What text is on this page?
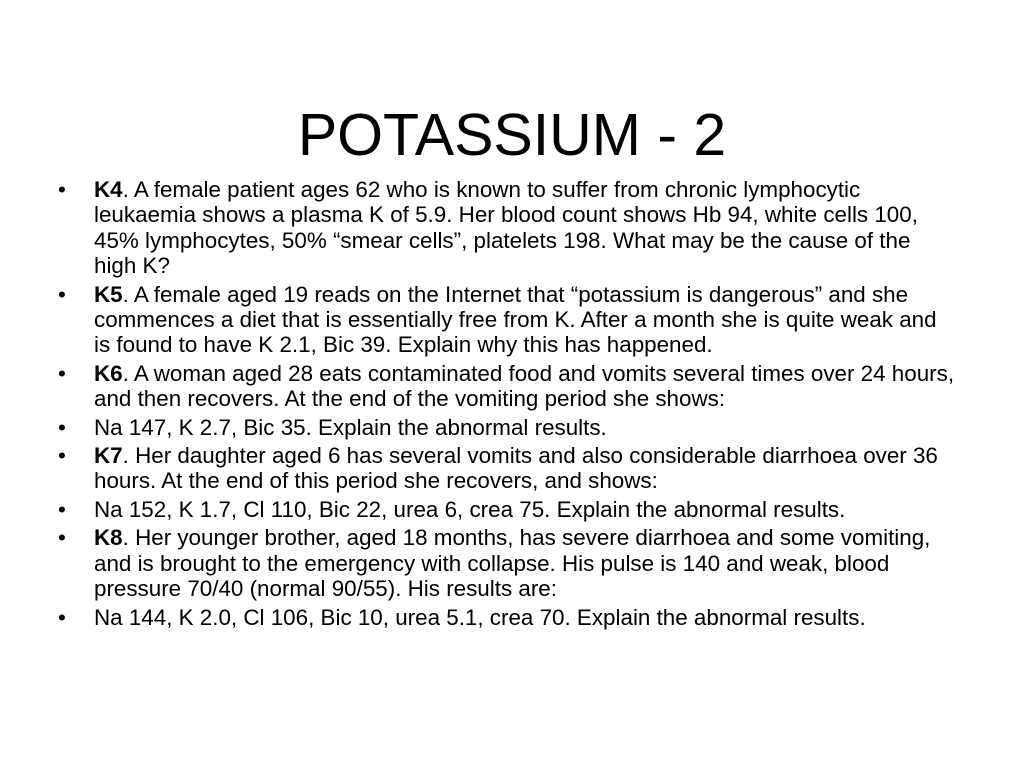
POTASSIUM - 2
• K4. A female patient ages 62 who is known to suffer from chronic lymphocytic leukaemia shows a plasma K of 5.9. Her blood count shows Hb 94, white cells 100, 45% lymphocytes, 50% “smear cells”, platelets 198. What may be the cause of the high K?
• K5. A female aged 19 reads on the Internet that “potassium is dangerous” and she commences a diet that is essentially free from K. After a month she is quite weak and is found to have K 2.1, Bic 39. Explain why this has happened.
• K6. A woman aged 28 eats contaminated food and vomits several times over 24 hours, and then recovers. At the end of the vomiting period she shows:
• Na 147, K 2.7, Bic 35. Explain the abnormal results.
• K7. Her daughter aged 6 has several vomits and also considerable diarrhoea over 36 hours. At the end of this period she recovers, and shows:
• Na 152, K 1.7, Cl 110, Bic 22, urea 6, crea 75. Explain the abnormal results.
• K8. Her younger brother, aged 18 months, has severe diarrhoea and some vomiting, and is brought to the emergency with collapse. His pulse is 140 and weak, blood pressure 70/40 (normal 90/55). His results are:
• Na 144, K 2.0, Cl 106, Bic 10, urea 5.1, crea 70. Explain the abnormal results.
